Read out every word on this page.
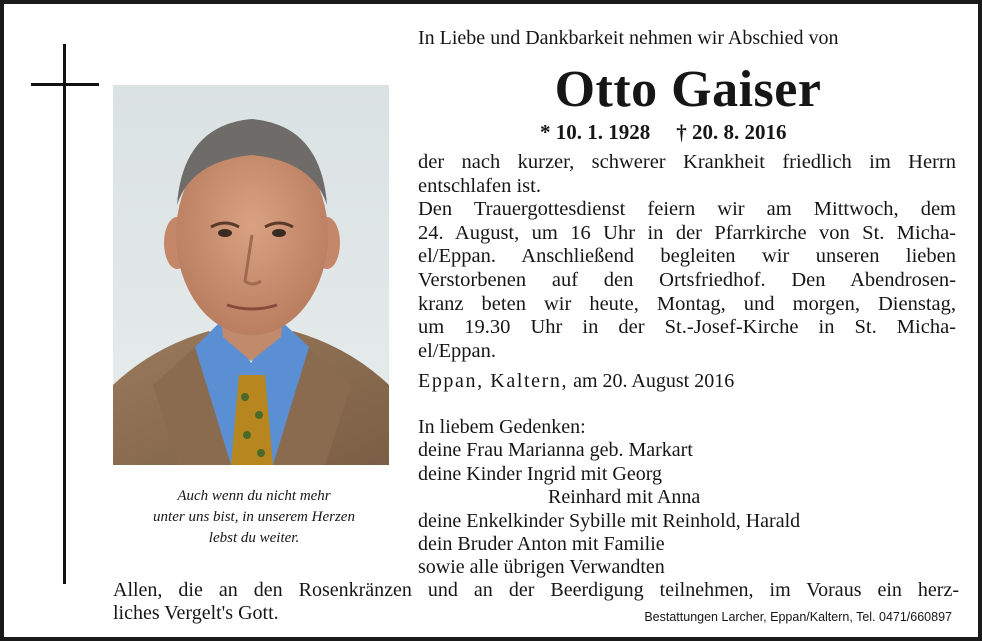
Auch wenn du nicht mehr
unter uns bist, in unserem Herzen
lebst du weiter.
In Liebe und Dankbarkeit nehmen wir Abschied von
Otto Gaiser
* 10. 1. 1928 † 20. 8. 2016
der nach kurzer, schwerer Krankheit friedlich im Herrn
entschlafen ist.
Den Trauergottesdienst feiern wir am Mittwoch, dem
24. August, um 16 Uhr in der Pfarrkirche von St. Micha-
el/Eppan. Anschließend begleiten wir unseren lieben
Verstorbenen auf den Ortsfriedhof. Den Abendrosen-
kranz beten wir heute, Montag, und morgen, Dienstag,
um 19.30 Uhr in der St.-Josef-Kirche in St. Micha-
el/Eppan.
Eppan, Kaltern, am 20. August 2016
In liebem Gedenken:
deine Frau Marianna geb. Markart
deine Kinder Ingrid mit Georg
Reinhard mit Anna
deine Enkelkinder Sybille mit Reinhold, Harald
dein Bruder Anton mit Familie
sowie alle übrigen Verwandten
Allen, die an den Rosenkränzen und an der Beerdigung teilnehmen, im Voraus ein herz-
liches Vergelt's Gott.	Bestattungen Larcher, Eppan/Kaltern, Tel. 0471/660897
